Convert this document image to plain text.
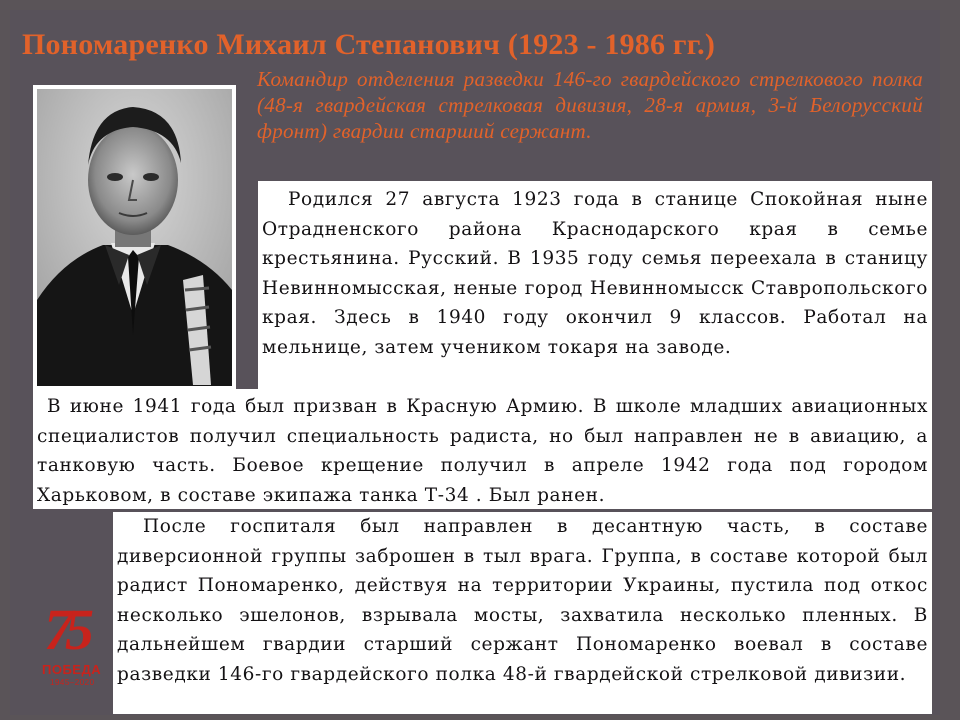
Пономаренко Михаил Степанович (1923 - 1986 гг.)
Командир отделения разведки 146-го гвардейского стрелкового полка (48-я гвардейская стрелковая дивизия, 28-я армия, 3-й Белорусский фронт) гвардии старший сержант.

Родился 27 августа 1923 года в станице Спокойная ныне Отрадненского района Краснодарского края в семье крестьянина. Русский. В 1935 году семья переехала в станицу Невинномысская, неные город Невинномысск Ставропольского края. Здесь в 1940 году окончил 9 классов. Работал на мельнице, затем учеником токаря на заводе.

В июне 1941 года был призван в Красную Армию. В школе младших авиационных специалистов получил специальность радиста, но был направлен не в авиацию, а танковую часть. Боевое крещение получил в апреле 1942 года под городом Харьковом, в составе экипажа танка Т-34 . Был ранен.

После госпиталя был направлен в десантную часть, в составе диверсионной группы заброшен в тыл врага. Группа, в составе которой был радист Пономаренко, действуя на территории Украины, пустила под откос несколько эшелонов, взрывала мосты, захватила несколько пленных. В дальнейшем гвардии старший сержант Пономаренко воевал в составе разведки 146-го гвардейского полка 48-й гвардейской стрелковой дивизии.

75
ПОБЕДА
1945–2020
